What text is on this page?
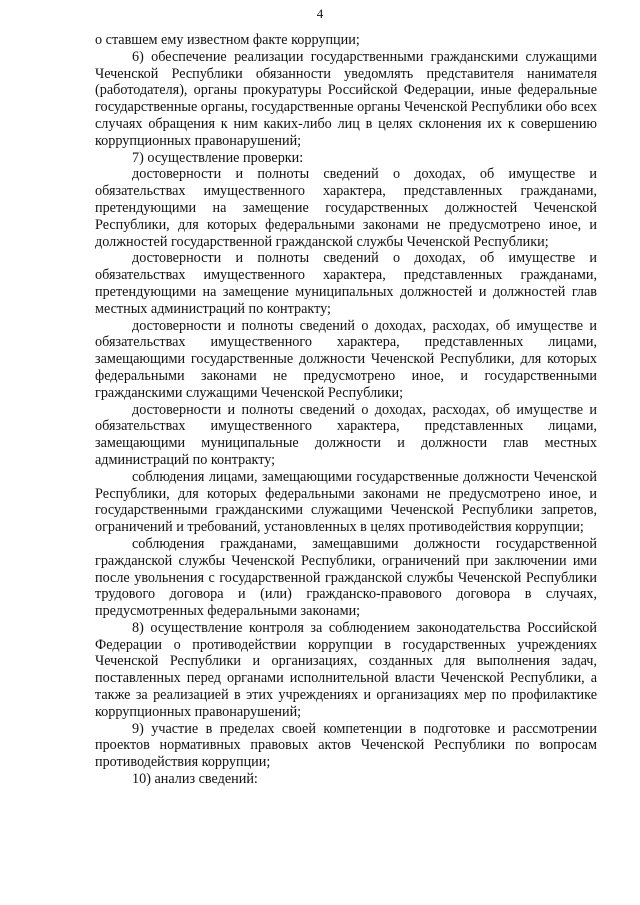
4

о ставшем ему известном факте коррупции;

6) обеспечение реализации государственными гражданскими служащими Чеченской Республики обязанности уведомлять представителя нанимателя (работодателя), органы прокуратуры Российской Федерации, иные федеральные государственные органы, государственные органы Чеченской Республики обо всех случаях обращения к ним каких-либо лиц в целях склонения их к совершению коррупционных правонарушений;

7) осуществление проверки:

достоверности и полноты сведений о доходах, об имуществе и обязательствах имущественного характера, представленных гражданами, претендующими на замещение государственных должностей Чеченской Республики, для которых федеральными законами не предусмотрено иное, и должностей государственной гражданской службы Чеченской Республики;

достоверности и полноты сведений о доходах, об имуществе и обязательствах имущественного характера, представленных гражданами, претендующими на замещение муниципальных должностей и должностей глав местных администраций по контракту;

достоверности и полноты сведений о доходах, расходах, об имуществе и обязательствах имущественного характера, представленных лицами, замещающими государственные должности Чеченской Республики, для которых федеральными законами не предусмотрено иное, и государственными гражданскими служащими Чеченской Республики;

достоверности и полноты сведений о доходах, расходах, об имуществе и обязательствах имущественного характера, представленных лицами, замещающими муниципальные должности и должности глав местных администраций по контракту;

соблюдения лицами, замещающими государственные должности Чеченской Республики, для которых федеральными законами не предусмотрено иное, и государственными гражданскими служащими Чеченской Республики запретов, ограничений и требований, установленных в целях противодействия коррупции;

соблюдения гражданами, замещавшими должности государственной гражданской службы Чеченской Республики, ограничений при заключении ими после увольнения с государственной гражданской службы Чеченской Республики трудового договора и (или) гражданско-правового договора в случаях, предусмотренных федеральными законами;

8) осуществление контроля за соблюдением законодательства Российской Федерации о противодействии коррупции в государственных учреждениях Чеченской Республики и организациях, созданных для выполнения задач, поставленных перед органами исполнительной власти Чеченской Республики, а также за реализацией в этих учреждениях и организациях мер по профилактике коррупционных правонарушений;

9) участие в пределах своей компетенции в подготовке и рассмотрении проектов нормативных правовых актов Чеченской Республики по вопросам противодействия коррупции;

10) анализ сведений:
